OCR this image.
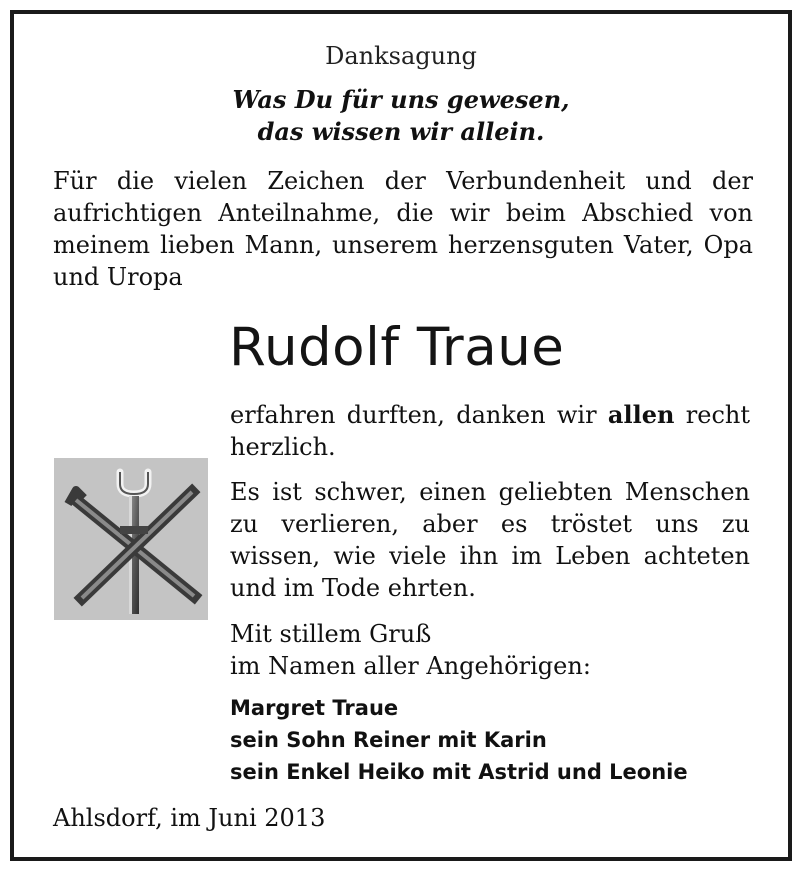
Danksagung
Was Du für uns gewesen,
das wissen wir allein.
Für die vielen Zeichen der Verbundenheit und der aufrichtigen Anteilnahme, die wir beim Abschied von meinem lieben Mann, unserem herzensguten Vater, Opa und Uropa
Rudolf Traue
erfahren durften, danken wir allen recht herzlich.
Es ist schwer, einen geliebten Menschen zu verlieren, aber es tröstet uns zu wissen, wie viele ihn im Leben achteten und im Tode ehrten.
Mit stillem Gruß
im Namen aller Angehörigen:
Margret Traue
sein Sohn Reiner mit Karin
sein Enkel Heiko mit Astrid und Leonie
Ahlsdorf, im Juni 2013
